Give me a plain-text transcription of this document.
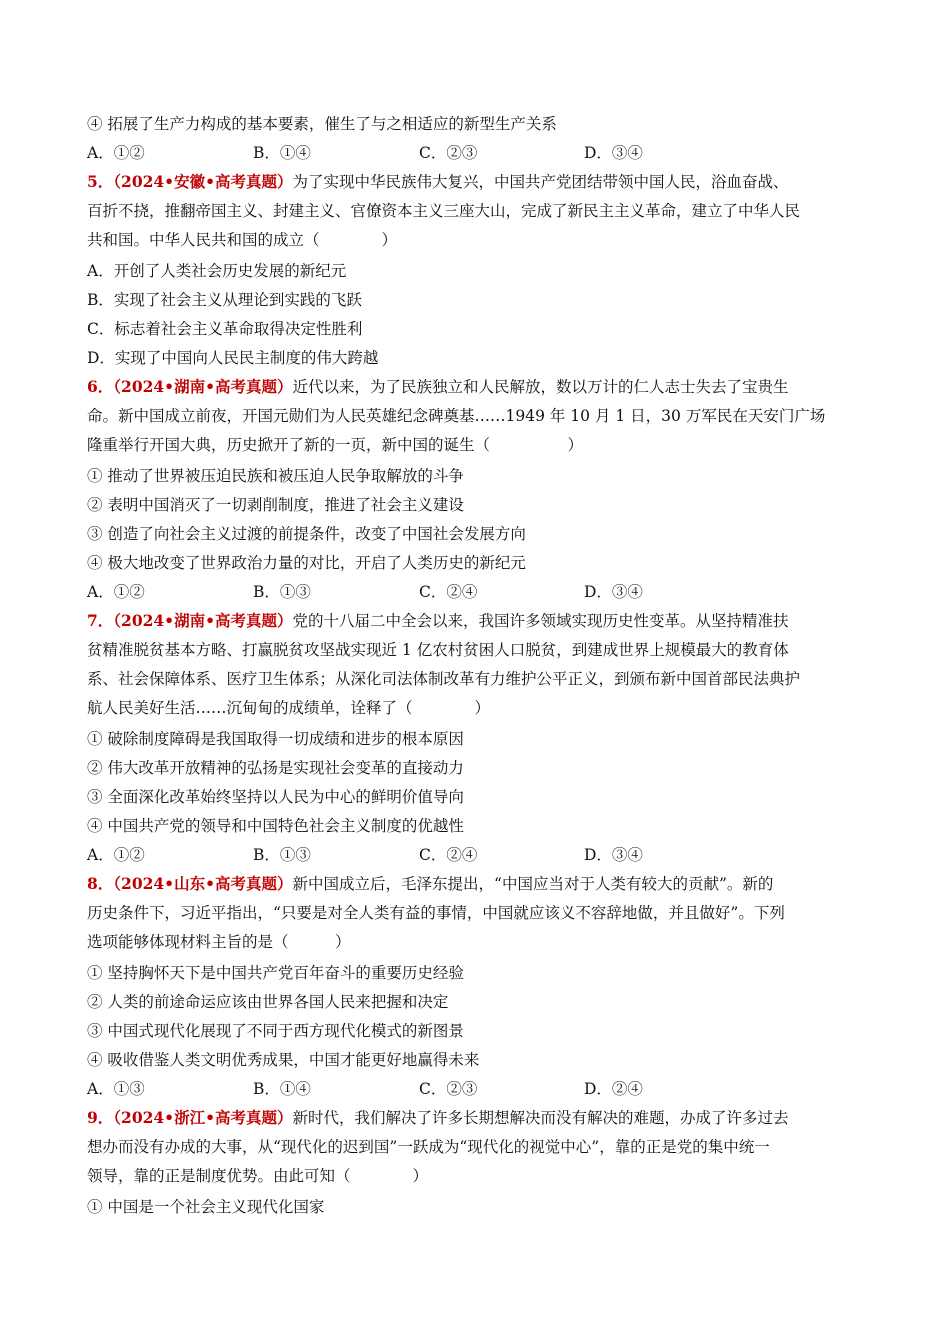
④ 拓展了生产力构成的基本要素，催生了与之相适应的新型生产关系
A．①②	B．①④	C．②③	D．③④
5．（2024•安徽•高考真题）为了实现中华民族伟大复兴，中国共产党团结带领中国人民，浴血奋战、
百折不挠，推翻帝国主义、封建主义、官僚资本主义三座大山，完成了新民主主义革命，建立了中华人民
共和国。中华人民共和国的成立（　　　　）
A．开创了人类社会历史发展的新纪元
B．实现了社会主义从理论到实践的飞跃
C．标志着社会主义革命取得决定性胜利
D．实现了中国向人民民主制度的伟大跨越
6．（2024•湖南•高考真题）近代以来，为了民族独立和人民解放，数以万计的仁人志士失去了宝贵生
命。新中国成立前夜，开国元勋们为人民英雄纪念碑奠基……1949 年 10 月 1 日，30 万军民在天安门广场
隆重举行开国大典，历史掀开了新的一页，新中国的诞生（　　　　　）
① 推动了世界被压迫民族和被压迫人民争取解放的斗争
② 表明中国消灭了一切剥削制度，推进了社会主义建设
③ 创造了向社会主义过渡的前提条件，改变了中国社会发展方向
④ 极大地改变了世界政治力量的对比，开启了人类历史的新纪元
A．①②	B．①③	C．②④	D．③④
7．（2024•湖南•高考真题）党的十八届二中全会以来，我国许多领域实现历史性变革。从坚持精准扶
贫精准脱贫基本方略、打赢脱贫攻坚战实现近 1 亿农村贫困人口脱贫，到建成世界上规模最大的教育体
系、社会保障体系、医疗卫生体系；从深化司法体制改革有力维护公平正义，到颁布新中国首部民法典护
航人民美好生活……沉甸甸的成绩单，诠释了（　　　　）
① 破除制度障碍是我国取得一切成绩和进步的根本原因
② 伟大改革开放精神的弘扬是实现社会变革的直接动力
③ 全面深化改革始终坚持以人民为中心的鲜明价值导向
④ 中国共产党的领导和中国特色社会主义制度的优越性
A．①②	B．①③	C．②④	D．③④
8．（2024•山东•高考真题）新中国成立后，毛泽东提出，“中国应当对于人类有较大的贡献”。新的
历史条件下，习近平指出，“只要是对全人类有益的事情，中国就应该义不容辞地做，并且做好”。下列
选项能够体现材料主旨的是（　　　）
① 坚持胸怀天下是中国共产党百年奋斗的重要历史经验
② 人类的前途命运应该由世界各国人民来把握和决定
③ 中国式现代化展现了不同于西方现代化模式的新图景
④ 吸收借鉴人类文明优秀成果，中国才能更好地赢得未来
A．①③	B．①④	C．②③	D．②④
9．（2024•浙江•高考真题）新时代，我们解决了许多长期想解决而没有解决的难题，办成了许多过去
想办而没有办成的大事，从“现代化的迟到国”一跃成为“现代化的视觉中心”，靠的正是党的集中统一
领导，靠的正是制度优势。由此可知（　　　　）
① 中国是一个社会主义现代化国家
